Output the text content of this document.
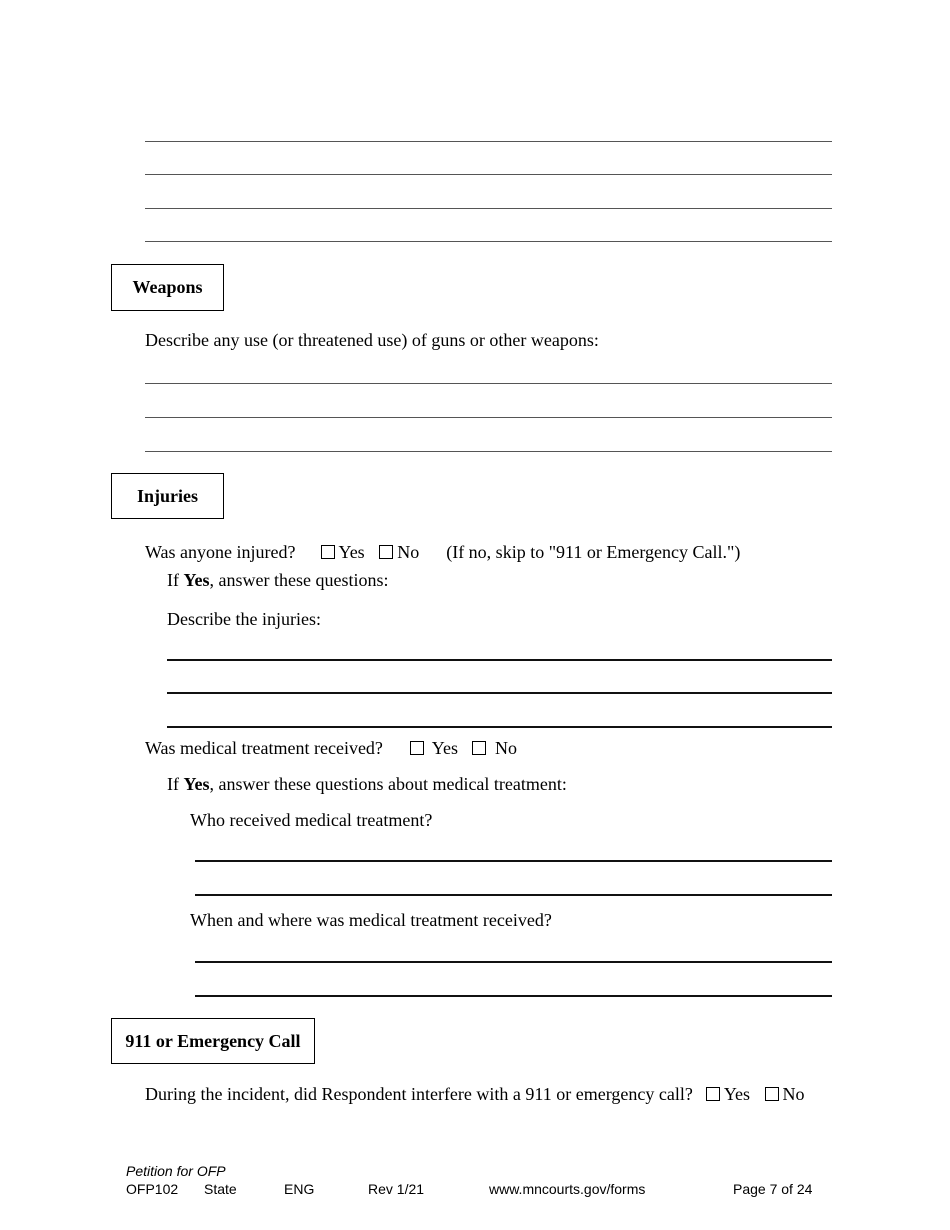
Weapons
Describe any use (or threatened use) of guns or other weapons:
Injuries
Was anyone injured? Yes No (If no, skip to "911 or Emergency Call.")
If Yes, answer these questions:
Describe the injuries:
Was medical treatment received?	Yes No
If Yes, answer these questions about medical treatment:
Who received medical treatment?
When and where was medical treatment received?
911 or Emergency Call
During the incident, did Respondent interfere with a 911 or emergency call? Yes No
Petition for OFP
OFP102 State	ENG	Rev 1/21	www.mncourts.gov/forms	Page 7 of 24
